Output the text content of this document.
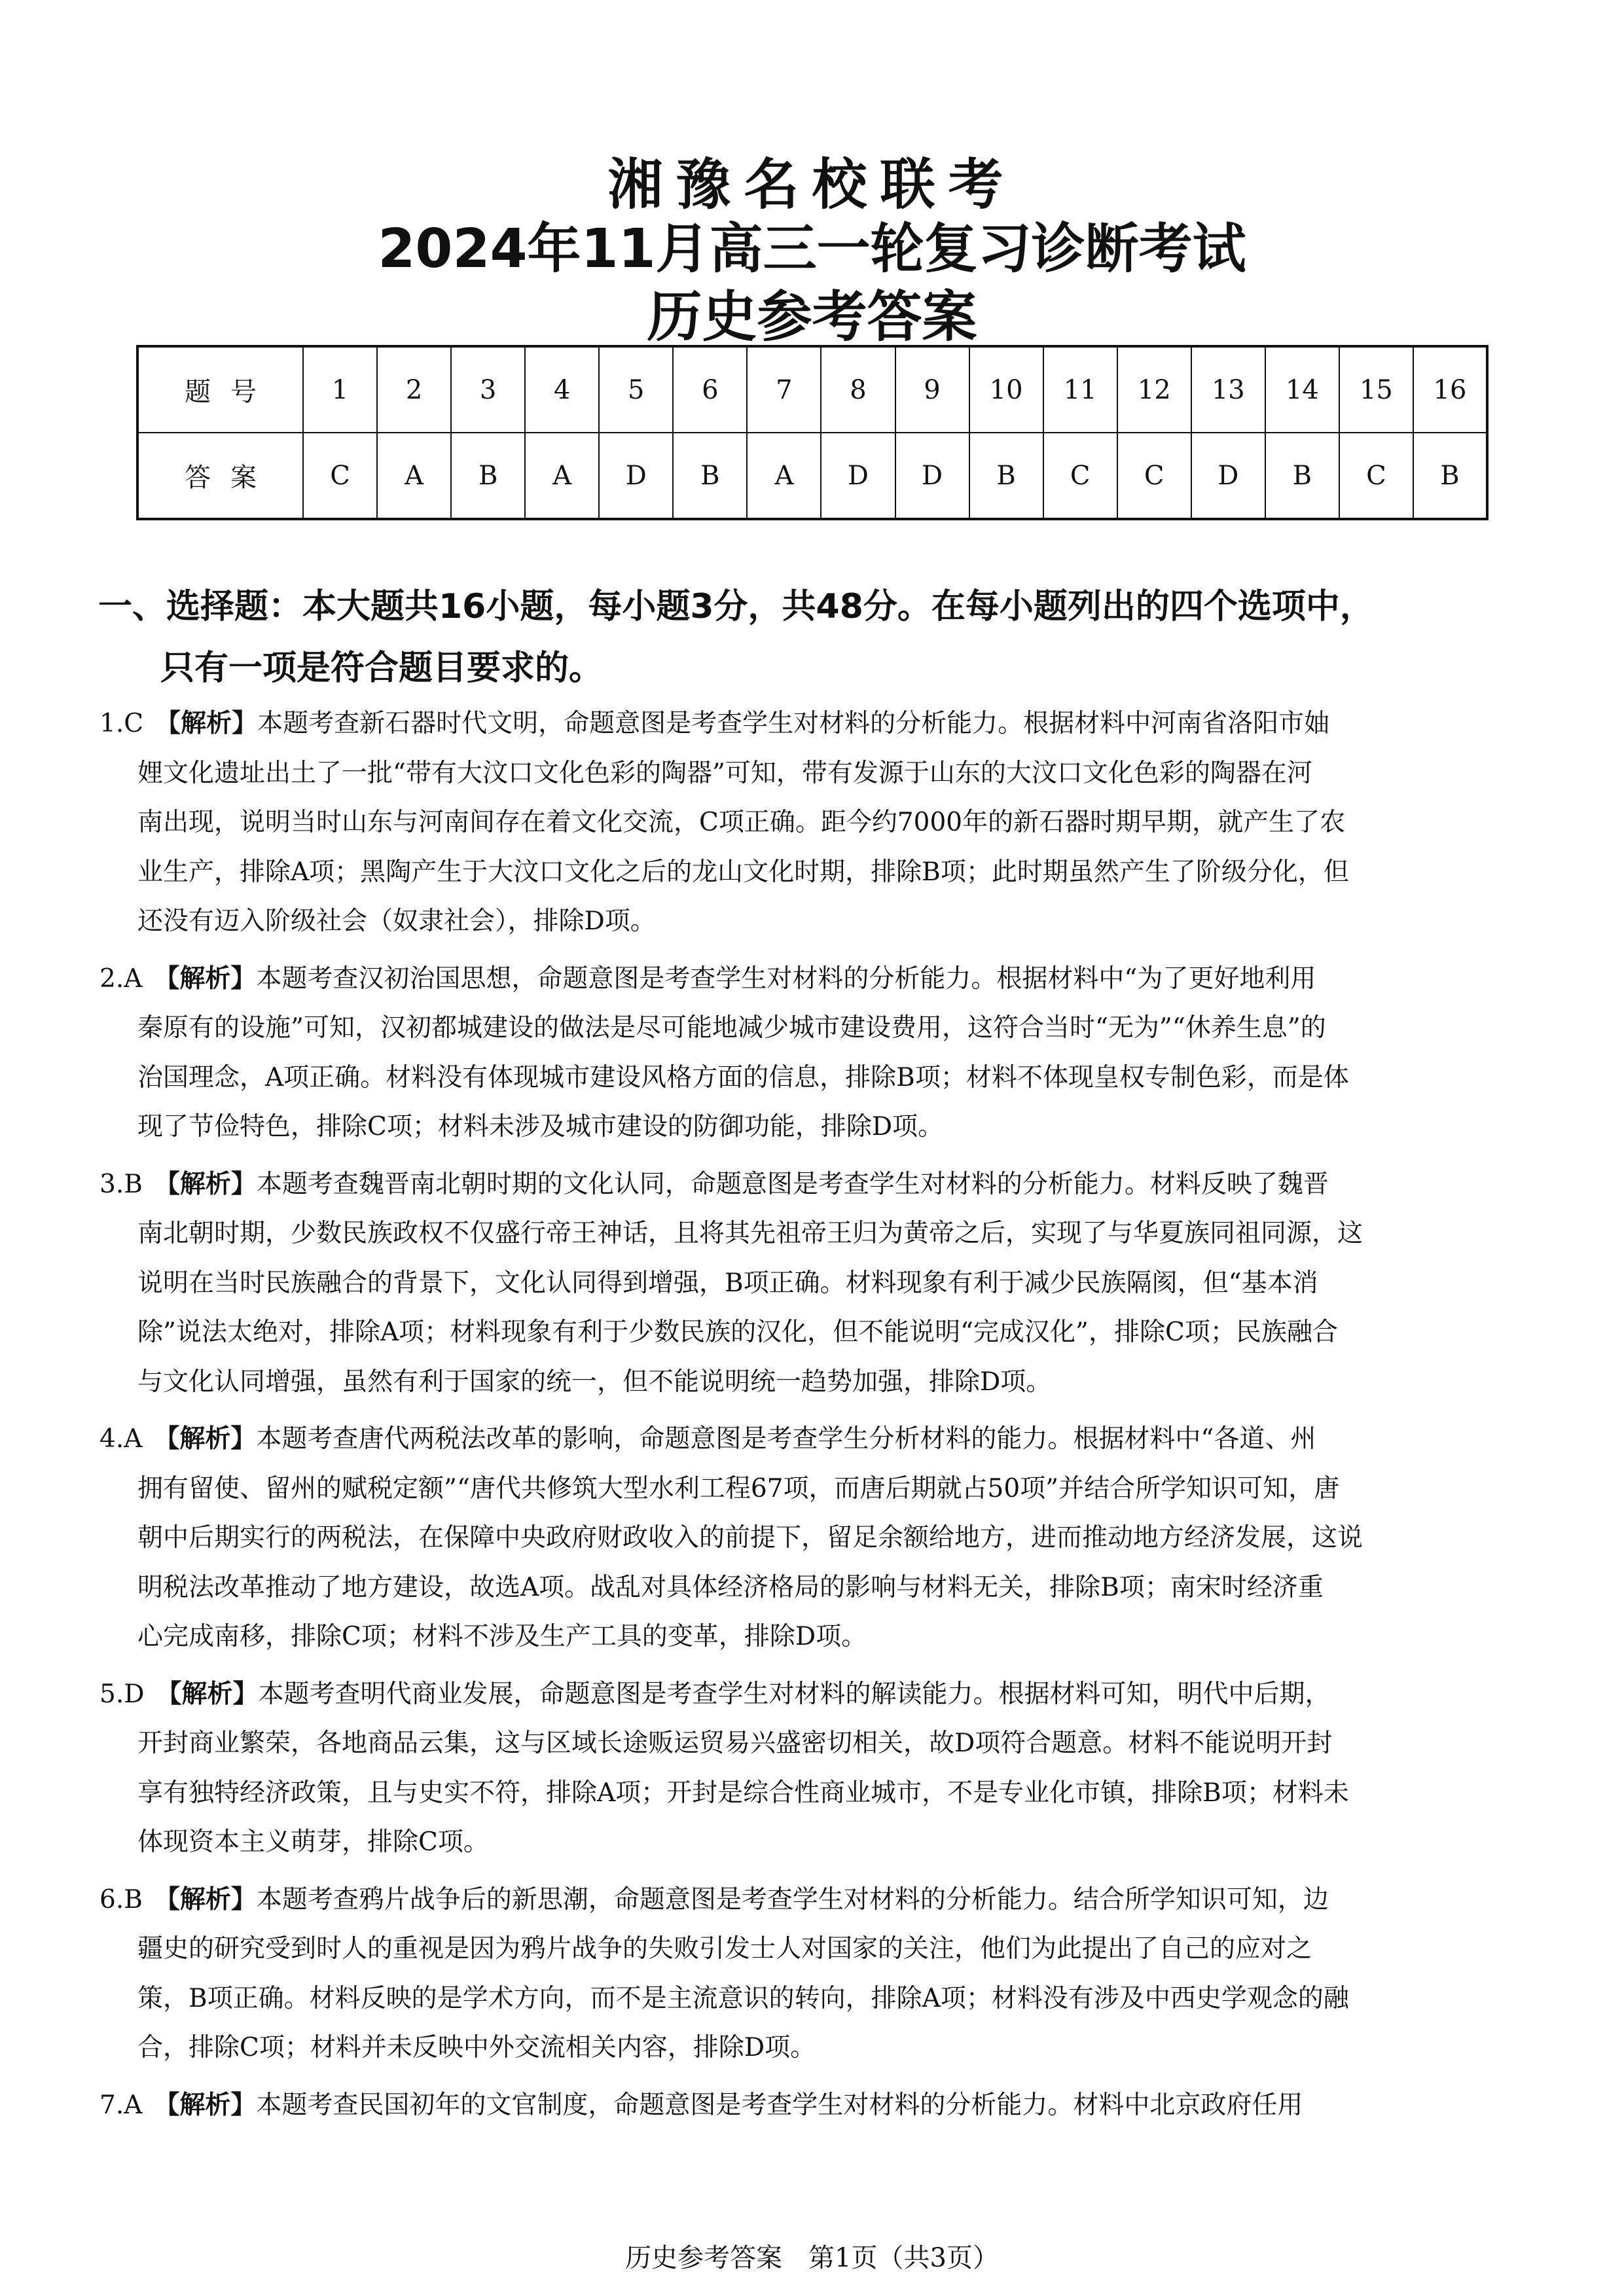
湘豫名校联考
2024年11月高三一轮复习诊断考试
历史参考答案
题号	1	2	3	4	5	6	7	8	9	10	11	12	13	14	15	16
答案	C	A	B	A	D	B	A	D	D	B	C	C	D	B	C	B
一、选择题：本大题共16小题，每小题3分，共48分。在每小题列出的四个选项中，
只有一项是符合题目要求的。
1.C 【解析】本题考查新石器时代文明，命题意图是考查学生对材料的分析能力。根据材料中河南省洛阳市妯
娌文化遗址出土了一批“带有大汶口文化色彩的陶器”可知，带有发源于山东的大汶口文化色彩的陶器在河
南出现，说明当时山东与河南间存在着文化交流，C项正确。距今约7000年的新石器时期早期，就产生了农
业生产，排除A项；黑陶产生于大汶口文化之后的龙山文化时期，排除B项；此时期虽然产生了阶级分化，但
还没有迈入阶级社会（奴隶社会），排除D项。
2.A 【解析】本题考查汉初治国思想，命题意图是考查学生对材料的分析能力。根据材料中“为了更好地利用
秦原有的设施”可知，汉初都城建设的做法是尽可能地减少城市建设费用，这符合当时“无为”“休养生息”的
治国理念，A项正确。材料没有体现城市建设风格方面的信息，排除B项；材料不体现皇权专制色彩，而是体
现了节俭特色，排除C项；材料未涉及城市建设的防御功能，排除D项。
3.B 【解析】本题考查魏晋南北朝时期的文化认同，命题意图是考查学生对材料的分析能力。材料反映了魏晋
南北朝时期，少数民族政权不仅盛行帝王神话，且将其先祖帝王归为黄帝之后，实现了与华夏族同祖同源，这
说明在当时民族融合的背景下，文化认同得到增强，B项正确。材料现象有利于减少民族隔阂，但“基本消
除”说法太绝对，排除A项；材料现象有利于少数民族的汉化，但不能说明“完成汉化”，排除C项；民族融合
与文化认同增强，虽然有利于国家的统一，但不能说明统一趋势加强，排除D项。
4.A 【解析】本题考查唐代两税法改革的影响，命题意图是考查学生分析材料的能力。根据材料中“各道、州
拥有留使、留州的赋税定额”“唐代共修筑大型水利工程67项，而唐后期就占50项”并结合所学知识可知，唐
朝中后期实行的两税法，在保障中央政府财政收入的前提下，留足余额给地方，进而推动地方经济发展，这说
明税法改革推动了地方建设，故选A项。战乱对具体经济格局的影响与材料无关，排除B项；南宋时经济重
心完成南移，排除C项；材料不涉及生产工具的变革，排除D项。
5.D 【解析】本题考查明代商业发展，命题意图是考查学生对材料的解读能力。根据材料可知，明代中后期，
开封商业繁荣，各地商品云集，这与区域长途贩运贸易兴盛密切相关，故D项符合题意。材料不能说明开封
享有独特经济政策，且与史实不符，排除A项；开封是综合性商业城市，不是专业化市镇，排除B项；材料未
体现资本主义萌芽，排除C项。
6.B 【解析】本题考查鸦片战争后的新思潮，命题意图是考查学生对材料的分析能力。结合所学知识可知，边
疆史的研究受到时人的重视是因为鸦片战争的失败引发士人对国家的关注，他们为此提出了自己的应对之
策，B项正确。材料反映的是学术方向，而不是主流意识的转向，排除A项；材料没有涉及中西史学观念的融
合，排除C项；材料并未反映中外交流相关内容，排除D项。
7.A 【解析】本题考查民国初年的文官制度，命题意图是考查学生对材料的分析能力。材料中北京政府任用
历史参考答案　第1页（共3页）
